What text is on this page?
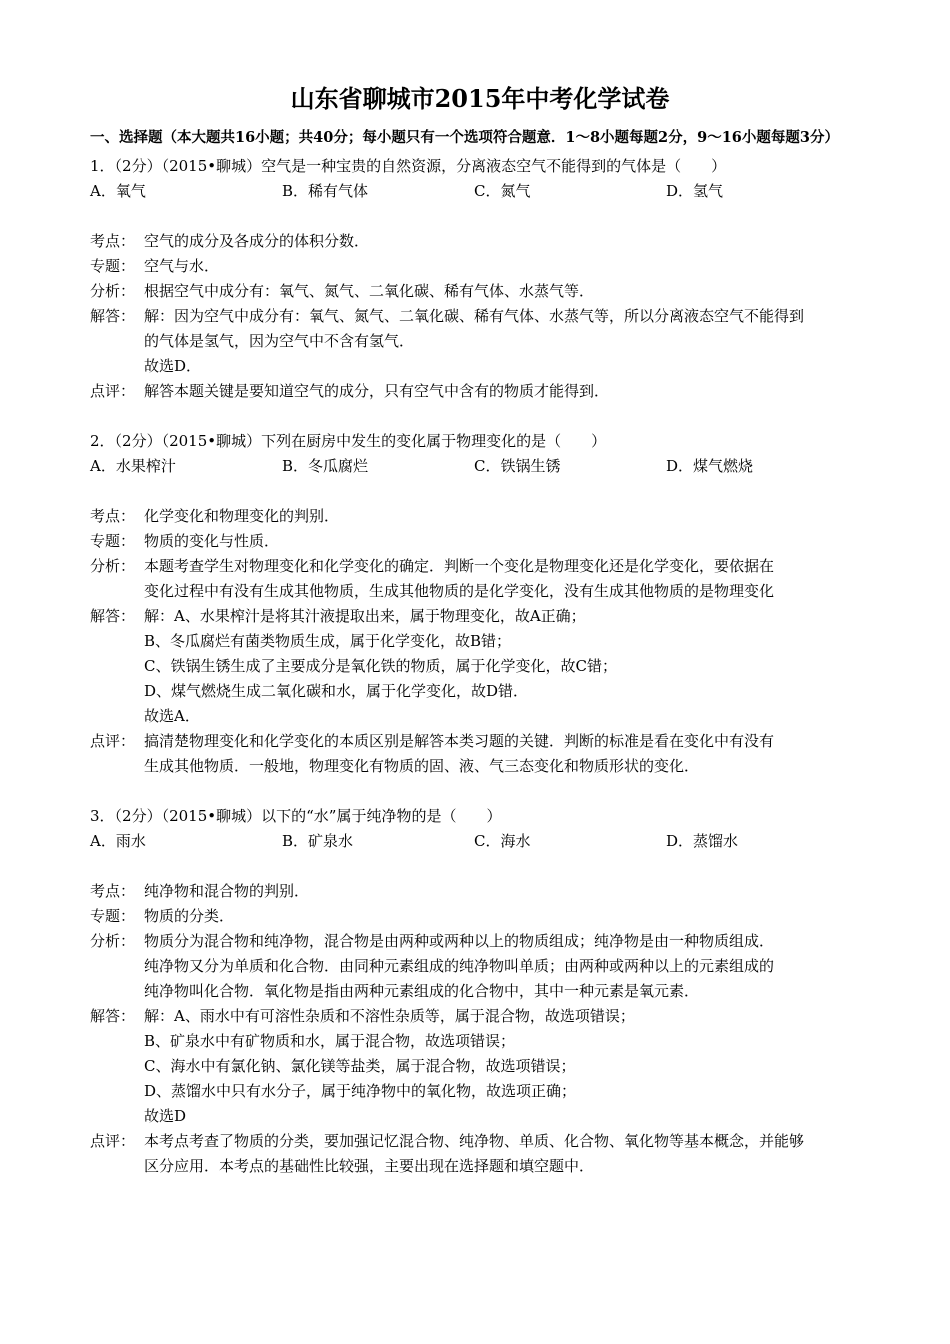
山东省聊城市2015年中考化学试卷
一、选择题（本大题共16小题；共40分；每小题只有一个选项符合题意．1～8小题每题2分，9～16小题每题3分）
1．（2分）（2015•聊城）空气是一种宝贵的自然资源，分离液态空气不能得到的气体是（　　）
A．氧气	B．稀有气体	C．氮气	D．氢气
考点： 空气的成分及各成分的体积分数．
专题： 空气与水．
分析： 根据空气中成分有：氧气、氮气、二氧化碳、稀有气体、水蒸气等．
解答： 解：因为空气中成分有：氧气、氮气、二氧化碳、稀有气体、水蒸气等，所以分离液态空气不能得到
的气体是氢气，因为空气中不含有氢气．
故选D．
点评： 解答本题关键是要知道空气的成分，只有空气中含有的物质才能得到．
2．（2分）（2015•聊城）下列在厨房中发生的变化属于物理变化的是（　　）
A．水果榨汁	B．冬瓜腐烂	C．铁锅生锈	D．煤气燃烧
考点： 化学变化和物理变化的判别．
专题： 物质的变化与性质．
分析： 本题考查学生对物理变化和化学变化的确定．判断一个变化是物理变化还是化学变化，要依据在
变化过程中有没有生成其他物质，生成其他物质的是化学变化，没有生成其他物质的是物理变化
解答： 解：A、水果榨汁是将其汁液提取出来，属于物理变化，故A正确；
B、冬瓜腐烂有菌类物质生成，属于化学变化，故B错；
C、铁锅生锈生成了主要成分是氧化铁的物质，属于化学变化，故C错；
D、煤气燃烧生成二氧化碳和水，属于化学变化，故D错．
故选A．
点评： 搞清楚物理变化和化学变化的本质区别是解答本类习题的关键．判断的标准是看在变化中有没有
生成其他物质．一般地，物理变化有物质的固、液、气三态变化和物质形状的变化．
3．（2分）（2015•聊城）以下的“水”属于纯净物的是（　　）
A．雨水	B．矿泉水	C．海水	D．蒸馏水
考点： 纯净物和混合物的判别．
专题： 物质的分类．
分析： 物质分为混合物和纯净物，混合物是由两种或两种以上的物质组成；纯净物是由一种物质组成．
纯净物又分为单质和化合物．由同种元素组成的纯净物叫单质；由两种或两种以上的元素组成的
纯净物叫化合物．氧化物是指由两种元素组成的化合物中，其中一种元素是氧元素．
解答： 解：A、雨水中有可溶性杂质和不溶性杂质等，属于混合物，故选项错误；
B、矿泉水中有矿物质和水，属于混合物，故选项错误；
C、海水中有氯化钠、氯化镁等盐类，属于混合物，故选项错误；
D、蒸馏水中只有水分子，属于纯净物中的氧化物，故选项正确；
故选D
点评： 本考点考查了物质的分类，要加强记忆混合物、纯净物、单质、化合物、氧化物等基本概念，并能够
区分应用．本考点的基础性比较强，主要出现在选择题和填空题中．
